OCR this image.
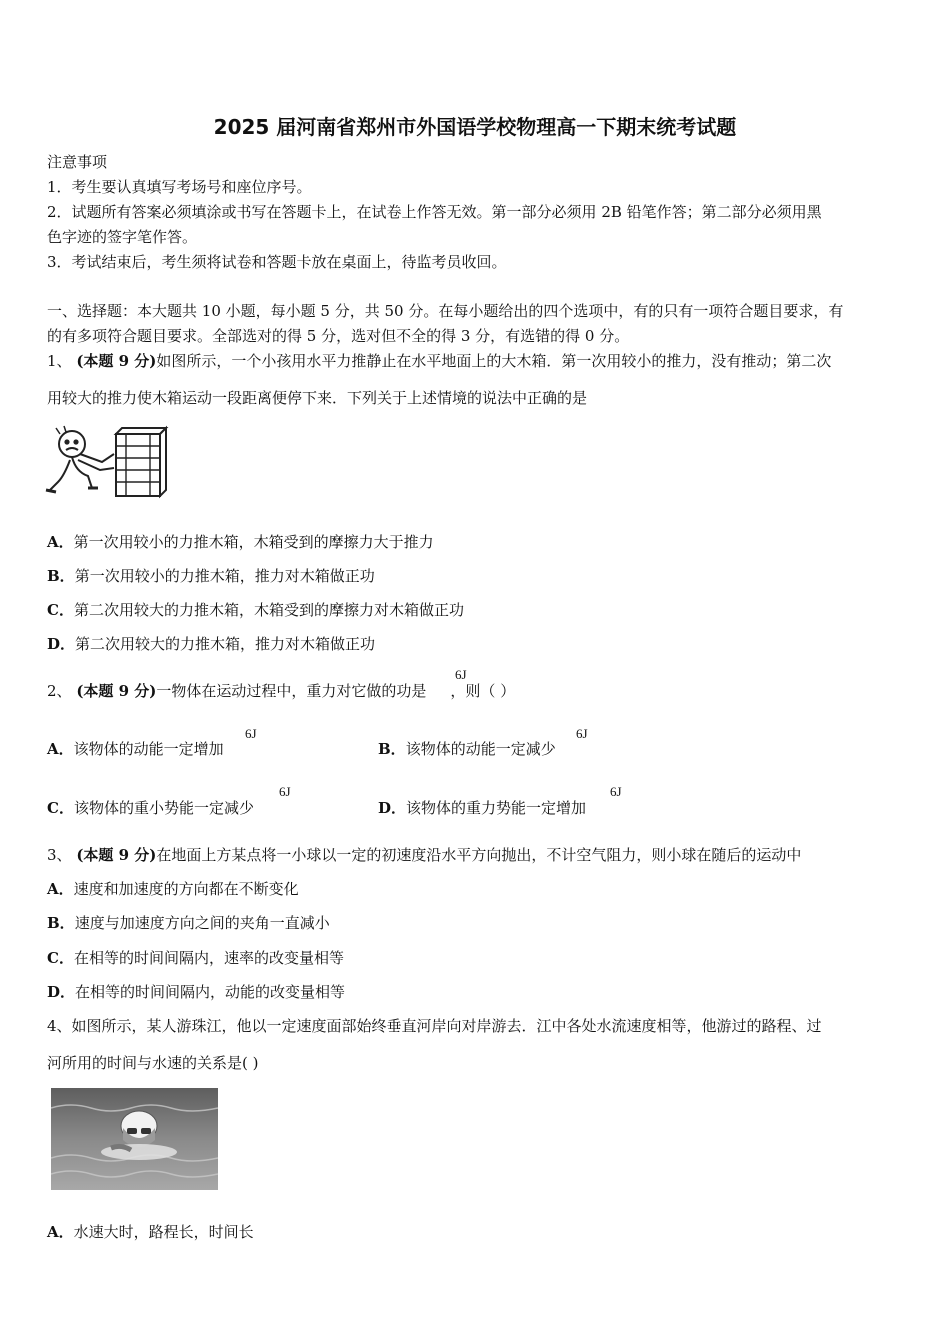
2025 届河南省郑州市外国语学校物理高一下期末统考试题
注意事项
1．考生要认真填写考场号和座位序号。
2．试题所有答案必须填涂或书写在答题卡上，在试卷上作答无效。第一部分必须用 2B 铅笔作答；第二部分必须用黑
色字迹的签字笔作答。
3．考试结束后，考生须将试卷和答题卡放在桌面上，待监考员收回。
一、选择题：本大题共 10 小题，每小题 5 分，共 50 分。在每小题给出的四个选项中，有的只有一项符合题目要求，有
的有多项符合题目要求。全部选对的得 5 分，选对但不全的得 3 分，有选错的得 0 分。
1、 (本题 9 分)如图所示，一个小孩用水平力推静止在水平地面上的大木箱．第一次用较小的推力，没有推动；第二次
用较大的推力使木箱运动一段距离便停下来．下列关于上述情境的说法中正确的是
A．第一次用较小的力推木箱，木箱受到的摩擦力大于推力
B．第一次用较小的力推木箱，推力对木箱做正功
C．第二次用较大的力推木箱，木箱受到的摩擦力对木箱做正功
D．第二次用较大的力推木箱，推力对木箱做正功
2、 (本题 9 分)一物体在运动过程中，重力对它做的功是 ，则（ ）
6J
A．该物体的动能一定增加
6J
B．该物体的动能一定减少
6J
C．该物体的重小势能一定减少
6J
D．该物体的重力势能一定增加
6J
3、 (本题 9 分)在地面上方某点将一小球以一定的初速度沿水平方向抛出，不计空气阻力，则小球在随后的运动中
A．速度和加速度的方向都在不断变化
B．速度与加速度方向之间的夹角一直减小
C．在相等的时间间隔内，速率的改变量相等
D．在相等的时间间隔内，动能的改变量相等
4、如图所示，某人游珠江，他以一定速度面部始终垂直河岸向对岸游去．江中各处水流速度相等，他游过的路程、过
河所用的时间与水速的关系是( )
A．水速大时，路程长，时间长
